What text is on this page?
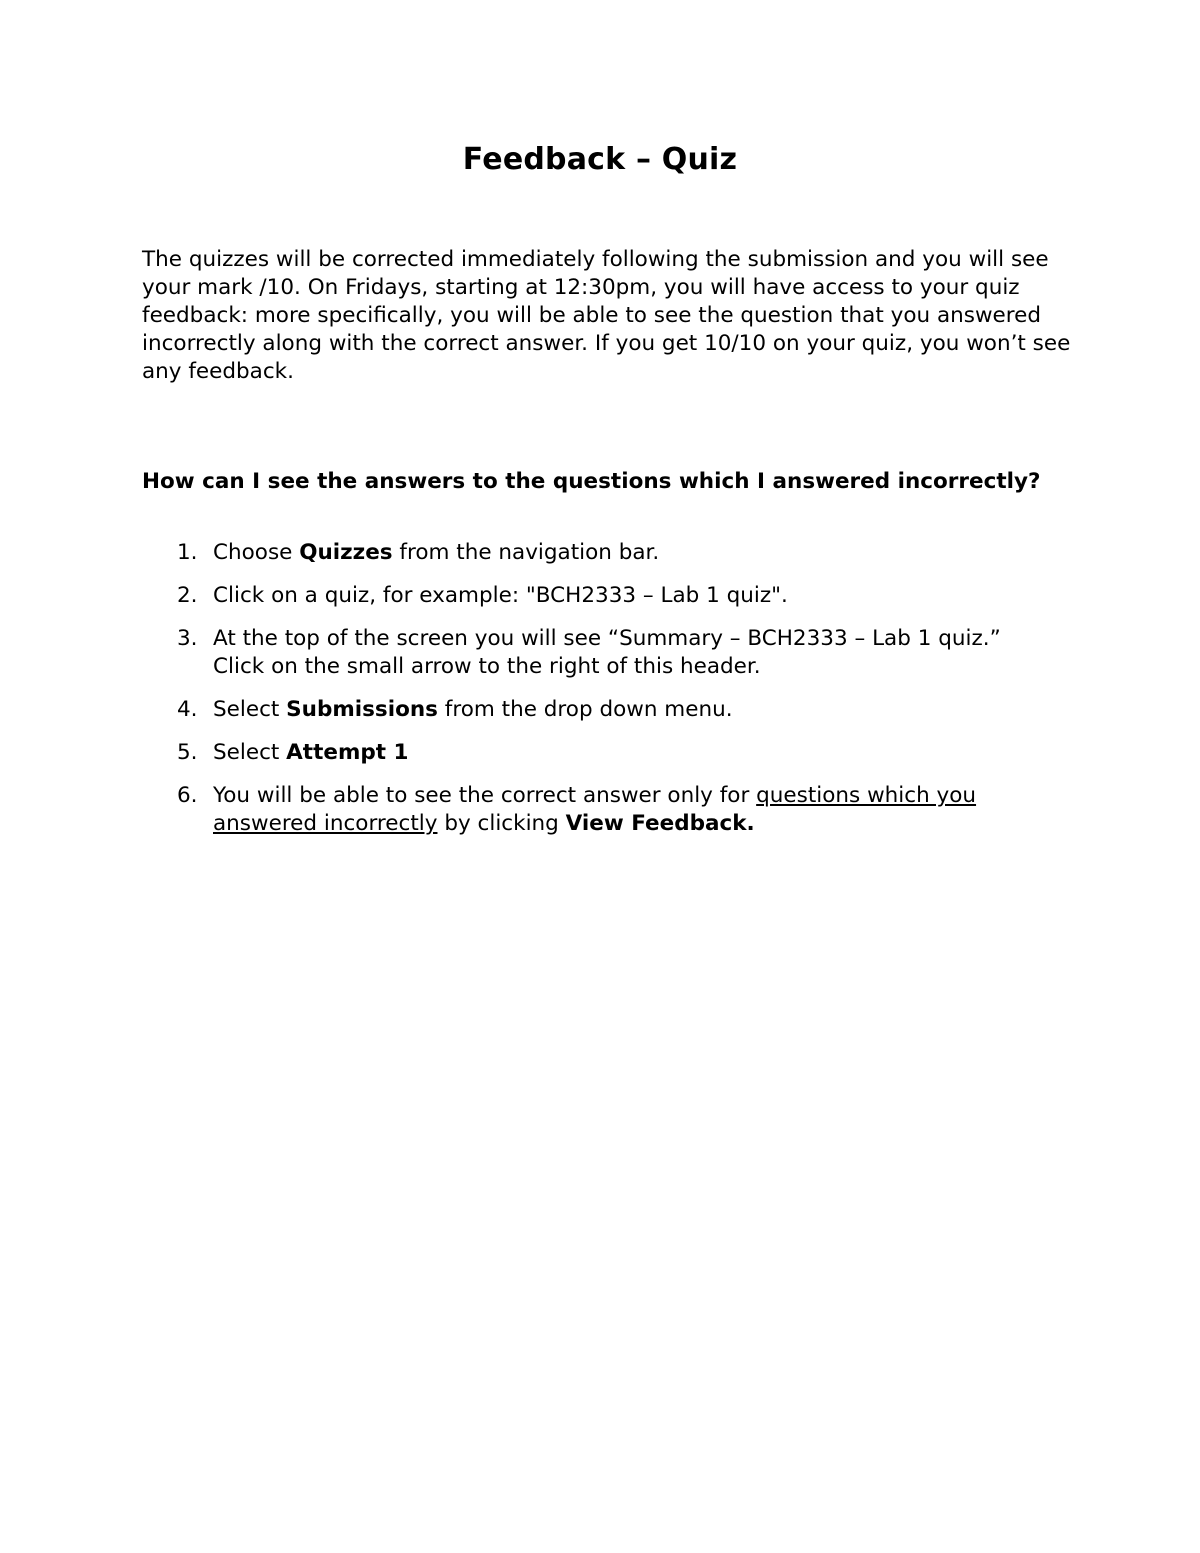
Feedback – Quiz

The quizzes will be corrected immediately following the submission and you will see your mark /10. On Fridays, starting at 12:30pm, you will have access to your quiz feedback: more specifically, you will be able to see the question that you answered incorrectly along with the correct answer. If you get 10/10 on your quiz, you won’t see any feedback.

How can I see the answers to the questions which I answered incorrectly?

1. Choose Quizzes from the navigation bar.
2. Click on a quiz, for example: "BCH2333 – Lab 1 quiz".
3. At the top of the screen you will see “Summary – BCH2333 – Lab 1 quiz.”
Click on the small arrow to the right of this header.
4. Select Submissions from the drop down menu.
5. Select Attempt 1
6. You will be able to see the correct answer only for questions which you answered incorrectly by clicking View Feedback.
